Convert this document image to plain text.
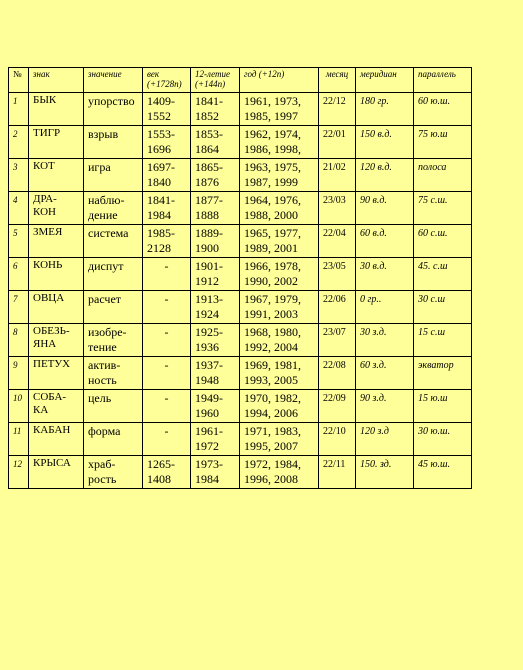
№	знак	значение	век (+1728n)	12-летие (+144n)	год (+12n)	месяц	меридиан	параллель
1	БЫК	упорство	1409-1552	1841-1852	1961, 1973, 1985, 1997	22/12	180 гр.	60 ю.ш.
2	ТИГР	взрыв	1553-1696	1853-1864	1962, 1974, 1986, 1998,	22/01	150 в.д.	75 ю.ш
3	КОТ	игра	1697-1840	1865-1876	1963, 1975, 1987, 1999	21/02	120 в.д.	полоса
4	ДРА-КОН	наблю-дение	1841-1984	1877-1888	1964, 1976, 1988, 2000	23/03	90 в.д.	75 с.ш.
5	ЗМЕЯ	система	1985-2128	1889-1900	1965, 1977, 1989, 2001	22/04	60 в.д.	60 с.ш.
6	КОНЬ	диспут	-	1901-1912	1966, 1978, 1990, 2002	23/05	30 в.д.	45. с.ш
7	ОВЦА	расчет	-	1913-1924	1967, 1979, 1991, 2003	22/06	0 гр..	30 с.ш
8	ОБЕЗЬ-ЯНА	изобре-тение	-	1925-1936	1968, 1980, 1992, 2004	23/07	30 з.д.	15 с.ш
9	ПЕТУХ	актив-ность	-	1937-1948	1969, 1981, 1993, 2005	22/08	60 з.д.	экватор
10	СОБА-КА	цель	-	1949-1960	1970, 1982, 1994, 2006	22/09	90 з.д.	15 ю.ш
11	КАБАН	форма	-	1961-1972	1971, 1983, 1995, 2007	22/10	120 з.д	30 ю.ш.
12	КРЫСА	храб-рость	1265-1408	1973-1984	1972, 1984, 1996, 2008	22/11	150. зд.	45 ю.ш.
